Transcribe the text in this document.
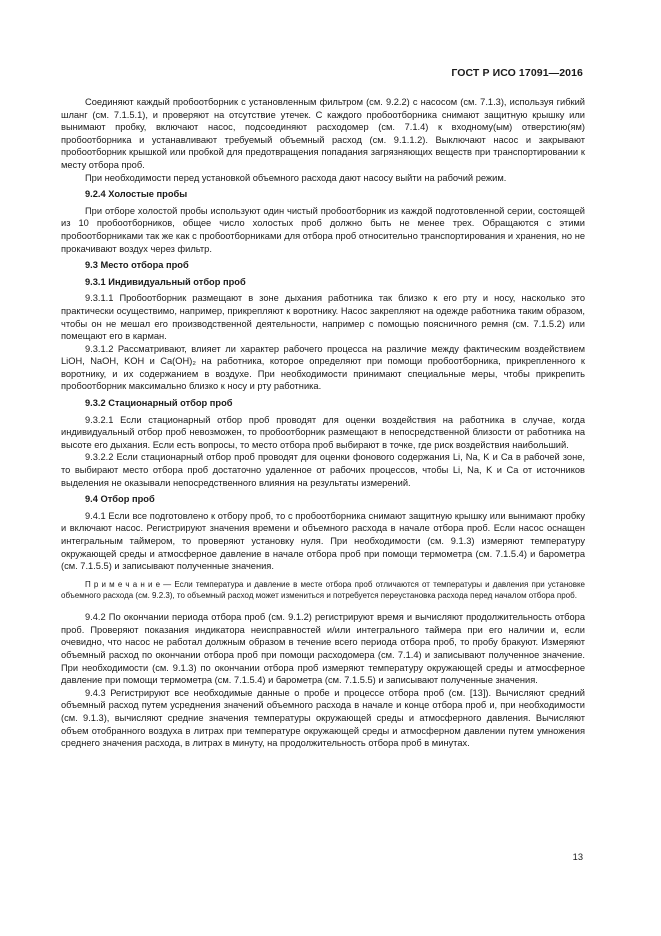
ГОСТ Р ИСО 17091—2016

Соединяют каждый пробоотборник с установленным фильтром (см. 9.2.2) с насосом (см. 7.1.3), используя гибкий шланг (см. 7.1.5.1), и проверяют на отсутствие утечек. С каждого пробоотборника снимают защитную крышку или вынимают пробку, включают насос, подсоединяют расходомер (см. 7.1.4) к входному(ым) отверстию(ям) пробоотборника и устанавливают требуемый объемный расход (см. 9.1.1.2). Выключают насос и закрывают пробоотборник крышкой или пробкой для предотвращения попадания загрязняющих веществ при транспортировании к месту отбора проб.

При необходимости перед установкой объемного расхода дают насосу выйти на рабочий режим.

9.2.4 Холостые пробы

При отборе холостой пробы используют один чистый пробоотборник из каждой подготовленной серии, состоящей из 10 пробоотборников, общее число холостых проб должно быть не менее трех. Обращаются с этими пробоотборниками так же как с пробоотборниками для отбора проб относительно транспортирования и хранения, но не прокачивают воздух через фильтр.

9.3 Место отбора проб

9.3.1 Индивидуальный отбор проб

9.3.1.1 Пробоотборник размещают в зоне дыхания работника так близко к его рту и носу, насколько это практически осуществимо, например, прикрепляют к воротнику. Насос закрепляют на одежде работника таким образом, чтобы он не мешал его производственной деятельности, например с помощью поясничного ремня (см. 7.1.5.2) или помещают его в карман.

9.3.1.2 Рассматривают, влияет ли характер рабочего процесса на различие между фактическим воздействием LiOH, NaOH, KOH и Ca(OH)₂ на работника, которое определяют при помощи пробоотборника, прикрепленного к воротнику, и их содержанием в воздухе. При необходимости принимают специальные меры, чтобы прикрепить пробоотборник максимально близко к носу и рту работника.

9.3.2 Стационарный отбор проб

9.3.2.1 Если стационарный отбор проб проводят для оценки воздействия на работника в случае, когда индивидуальный отбор проб невозможен, то пробоотборник размещают в непосредственной близости от работника на высоте его дыхания. Если есть вопросы, то место отбора проб выбирают в точке, где риск воздействия наибольший.

9.3.2.2 Если стационарный отбор проб проводят для оценки фонового содержания Li, Na, K и Ca в рабочей зоне, то выбирают место отбора проб достаточно удаленное от рабочих процессов, чтобы Li, Na, K и Ca от источников выделения не оказывали непосредственного влияния на результаты измерений.

9.4 Отбор проб

9.4.1 Если все подготовлено к отбору проб, то с пробоотборника снимают защитную крышку или вынимают пробку и включают насос. Регистрируют значения времени и объемного расхода в начале отбора проб. Если насос оснащен интегральным таймером, то проверяют установку нуля. При необходимости (см. 9.1.3) измеряют температуру окружающей среды и атмосферное давление в начале отбора проб при помощи термометра (см. 7.1.5.4) и барометра (см. 7.1.5.5) и записывают полученные значения.

П р и м е ч а н и е — Если температура и давление в месте отбора проб отличаются от температуры и давления при установке объемного расхода (см. 9.2.3), то объемный расход может измениться и потребуется переустановка расхода перед началом отбора проб.

9.4.2 По окончании периода отбора проб (см. 9.1.2) регистрируют время и вычисляют продолжительность отбора проб. Проверяют показания индикатора неисправностей и/или интегрального таймера при его наличии и, если очевидно, что насос не работал должным образом в течение всего периода отбора проб, то пробу бракуют. Измеряют объемный расход по окончании отбора проб при помощи расходомера (см. 7.1.4) и записывают полученное значение. При необходимости (см. 9.1.3) по окончании отбора проб измеряют температуру окружающей среды и атмосферное давление при помощи термометра (см. 7.1.5.4) и барометра (см. 7.1.5.5) и записывают полученные значения.

9.4.3 Регистрируют все необходимые данные о пробе и процессе отбора проб (см. [13]). Вычисляют средний объемный расход путем усреднения значений объемного расхода в начале и конце отбора проб и, при необходимости (см. 9.1.3), вычисляют средние значения температуры окружающей среды и атмосферного давления. Вычисляют объем отобранного воздуха в литрах при температуре окружающей среды и атмосферном давлении путем умножения среднего значения расхода, в литрах в минуту, на продолжительность отбора проб в минутах.

13
